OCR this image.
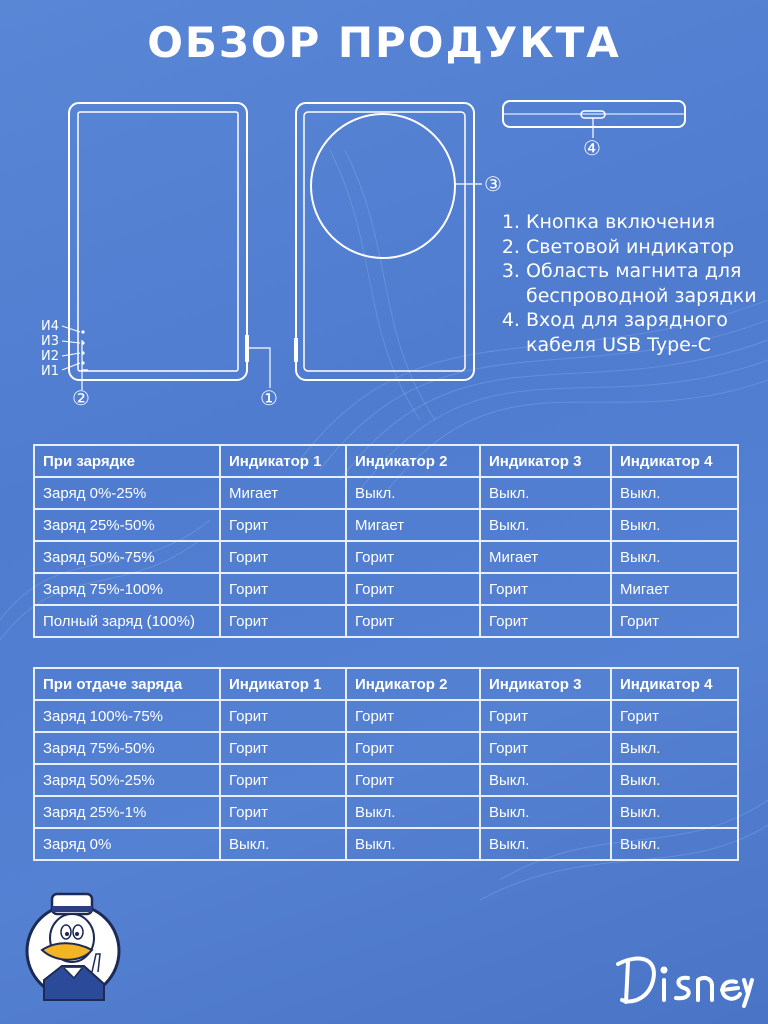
ОБЗОР ПРОДУКТА
И4
И3
И2
И1
①
②
③
④
1. Кнопка включения
2. Световой индикатор
3. Область магнита для беспроводной зарядки
4. Вход для зарядного кабеля USB Type-C
При зарядке	Индикатор 1	Индикатор 2	Индикатор 3	Индикатор 4
Заряд 0%-25%	Мигает	Выкл.	Выкл.	Выкл.
Заряд 25%-50%	Горит	Мигает	Выкл.	Выкл.
Заряд 50%-75%	Горит	Горит	Мигает	Выкл.
Заряд 75%-100%	Горит	Горит	Горит	Мигает
Полный заряд (100%)	Горит	Горит	Горит	Горит
При отдаче заряда	Индикатор 1	Индикатор 2	Индикатор 3	Индикатор 4
Заряд 100%-75%	Горит	Горит	Горит	Горит
Заряд 75%-50%	Горит	Горит	Горит	Выкл.
Заряд 50%-25%	Горит	Горит	Выкл.	Выкл.
Заряд 25%-1%	Горит	Выкл.	Выкл.	Выкл.
Заряд 0%	Выкл.	Выкл.	Выкл.	Выкл.
